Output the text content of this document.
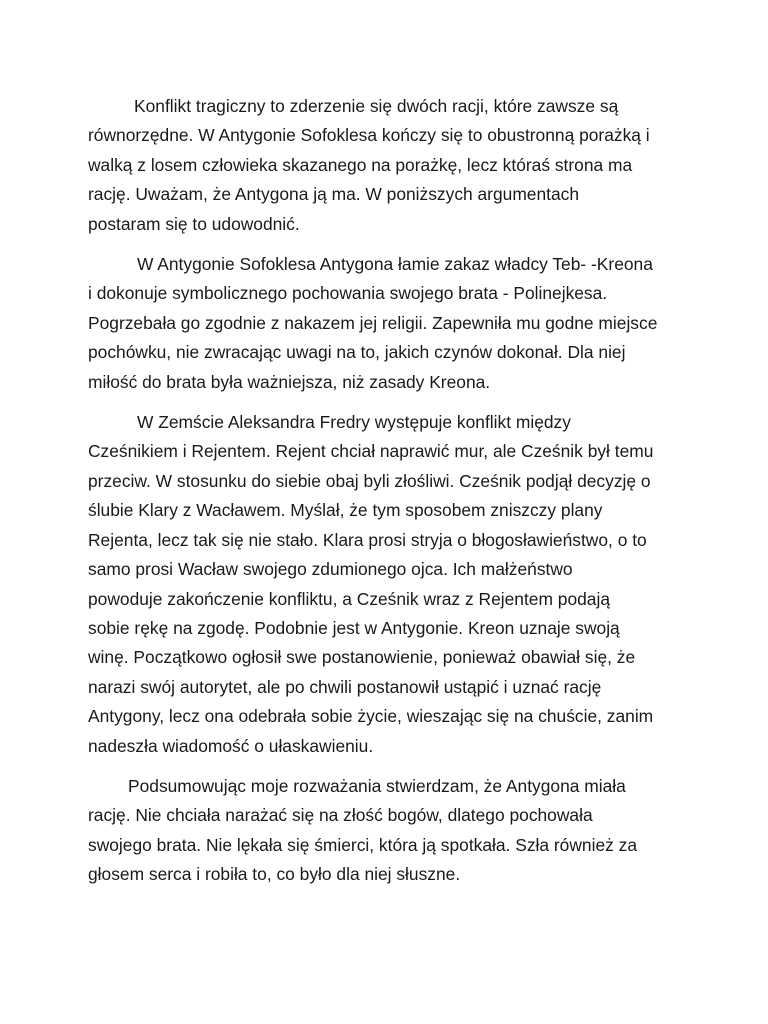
Konflikt tragiczny to zderzenie się dwóch racji, które zawsze są
równorzędne. W Antygonie Sofoklesa kończy się to obustronną porażką i
walką z losem człowieka skazanego na porażkę, lecz któraś strona ma
rację. Uważam, że Antygona ją ma. W poniższych argumentach
postaram się to udowodnić.

W Antygonie Sofoklesa Antygona łamie zakaz władcy Teb- -Kreona
i dokonuje symbolicznego pochowania swojego brata - Polinejkesa.
Pogrzebała go zgodnie z nakazem jej religii. Zapewniła mu godne miejsce
pochówku, nie zwracając uwagi na to, jakich czynów dokonał. Dla niej
miłość do brata była ważniejsza, niż zasady Kreona.

W Zemście Aleksandra Fredry występuje konflikt między
Cześnikiem i Rejentem. Rejent chciał naprawić mur, ale Cześnik był temu
przeciw. W stosunku do siebie obaj byli złośliwi. Cześnik podjął decyzję o
ślubie Klary z Wacławem. Myślał, że tym sposobem zniszczy plany
Rejenta, lecz tak się nie stało. Klara prosi stryja o błogosławieństwo, o to
samo prosi Wacław swojego zdumionego ojca. Ich małżeństwo
powoduje zakończenie konfliktu, a Cześnik wraz z Rejentem podają
sobie rękę na zgodę. Podobnie jest w Antygonie. Kreon uznaje swoją
winę. Początkowo ogłosił swe postanowienie, ponieważ obawiał się, że
narazi swój autorytet, ale po chwili postanowił ustąpić i uznać rację
Antygony, lecz ona odebrała sobie życie, wieszając się na chuście, zanim
nadeszła wiadomość o ułaskawieniu.

Podsumowując moje rozważania stwierdzam, że Antygona miała
rację. Nie chciała narażać się na złość bogów, dlatego pochowała
swojego brata. Nie lękała się śmierci, która ją spotkała. Szła również za
głosem serca i robiła to, co było dla niej słuszne.
